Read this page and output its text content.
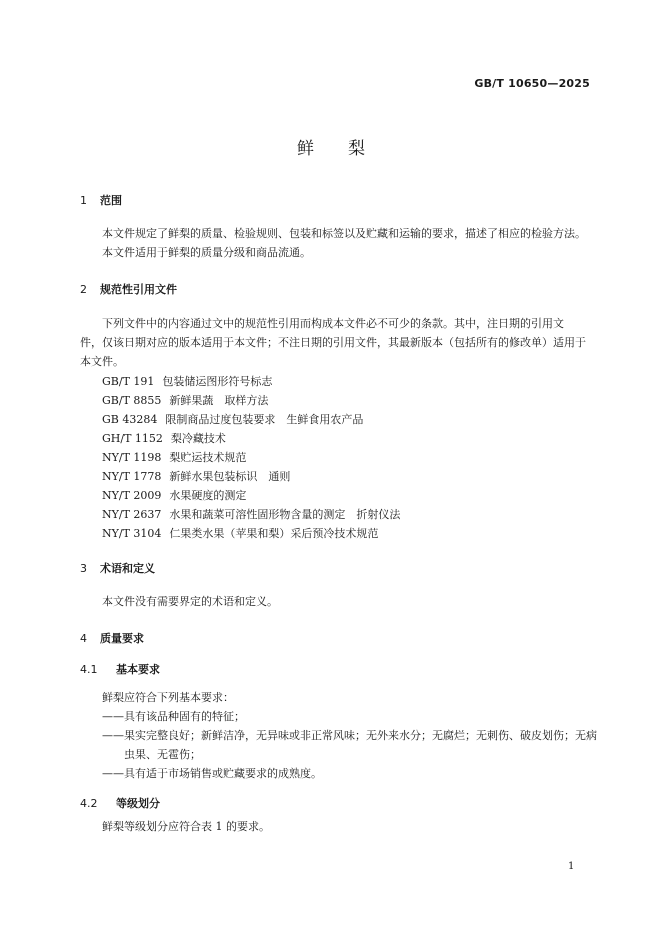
GB/T 10650—2025
鲜　　梨
1 范围
本文件规定了鲜梨的质量、检验规则、包装和标签以及贮藏和运输的要求，描述了相应的检验方法。
本文件适用于鲜梨的质量分级和商品流通。
2 规范性引用文件
下列文件中的内容通过文中的规范性引用而构成本文件必不可少的条款。其中，注日期的引用文
件，仅该日期对应的版本适用于本文件；不注日期的引用文件，其最新版本（包括所有的修改单）适用于
本文件。
GB/T 191 包装储运图形符号标志
GB/T 8855 新鲜果蔬　取样方法
GB 43284 限制商品过度包装要求　生鲜食用农产品
GH/T 1152 梨冷藏技术
NY/T 1198 梨贮运技术规范
NY/T 1778 新鲜水果包装标识　通则
NY/T 2009 水果硬度的测定
NY/T 2637 水果和蔬菜可溶性固形物含量的测定　折射仪法
NY/T 3104 仁果类水果（苹果和梨）采后预冷技术规范
3 术语和定义
本文件没有需要界定的术语和定义。
4 质量要求
4.1 基本要求
鲜梨应符合下列基本要求：
——具有该品种固有的特征；
——果实完整良好；新鲜洁净，无异味或非正常风味；无外来水分；无腐烂；无刺伤、破皮划伤；无病
虫果、无雹伤；
——具有适于市场销售或贮藏要求的成熟度。
4.2 等级划分
鲜梨等级划分应符合表 1 的要求。
1
